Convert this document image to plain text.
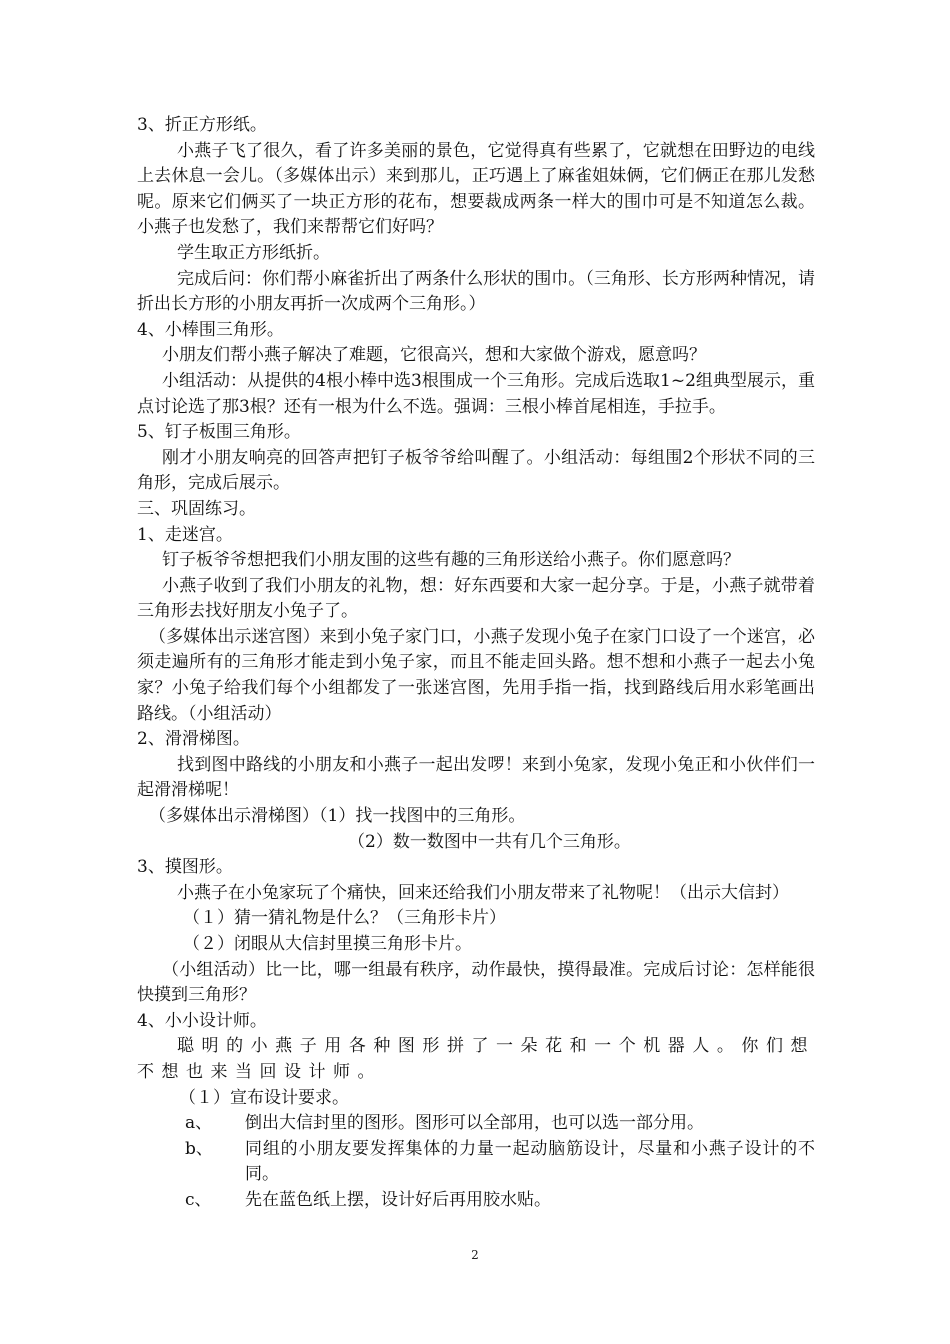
3、折正方形纸。

小燕子飞了很久，看了许多美丽的景色，它觉得真有些累了，它就想在田野边的电线上去休息一会儿。（多媒体出示）来到那儿，正巧遇上了麻雀姐妹俩，它们俩正在那儿发愁呢。原来它们俩买了一块正方形的花布，想要裁成两条一样大的围巾可是不知道怎么裁。小燕子也发愁了，我们来帮帮它们好吗？

学生取正方形纸折。

完成后问：你们帮小麻雀折出了两条什么形状的围巾。（三角形、长方形两种情况，请折出长方形的小朋友再折一次成两个三角形。）

4、小棒围三角形。

小朋友们帮小燕子解决了难题，它很高兴，想和大家做个游戏，愿意吗？

小组活动：从提供的4根小棒中选3根围成一个三角形。完成后选取1~2组典型展示，重点讨论选了那3根？还有一根为什么不选。强调：三根小棒首尾相连，手拉手。

5、钉子板围三角形。

刚才小朋友响亮的回答声把钉子板爷爷给叫醒了。小组活动：每组围2个形状不同的三角形，完成后展示。

三、巩固练习。

1、走迷宫。

钉子板爷爷想把我们小朋友围的这些有趣的三角形送给小燕子。你们愿意吗？

小燕子收到了我们小朋友的礼物，想：好东西要和大家一起分享。于是，小燕子就带着三角形去找好朋友小兔子了。

（多媒体出示迷宫图）来到小兔子家门口，小燕子发现小兔子在家门口设了一个迷宫，必须走遍所有的三角形才能走到小兔子家，而且不能走回头路。想不想和小燕子一起去小兔家？小兔子给我们每个小组都发了一张迷宫图，先用手指一指，找到路线后用水彩笔画出路线。（小组活动）

2、滑滑梯图。

找到图中路线的小朋友和小燕子一起出发啰！来到小兔家，发现小兔正和小伙伴们一起滑滑梯呢！

（多媒体出示滑梯图）（1）找一找图中的三角形。

（2）数一数图中一共有几个三角形。

3、摸图形。

小燕子在小兔家玩了个痛快，回来还给我们小朋友带来了礼物呢！（出示大信封）

（１）猜一猜礼物是什么？（三角形卡片）

（２）闭眼从大信封里摸三角形卡片。

（小组活动）比一比，哪一组最有秩序，动作最快，摸得最准。完成后讨论：怎样能很快摸到三角形？

4、小小设计师。

聪明的小燕子用各种图形拼了一朵花和一个机器人。你们想不想也来当回设计师。

（１）宣布设计要求。

a、	倒出大信封里的图形。图形可以全部用，也可以选一部分用。
b、	同组的小朋友要发挥集体的力量一起动脑筋设计，尽量和小燕子设计的不同。
c、	先在蓝色纸上摆，设计好后再用胶水贴。
2
